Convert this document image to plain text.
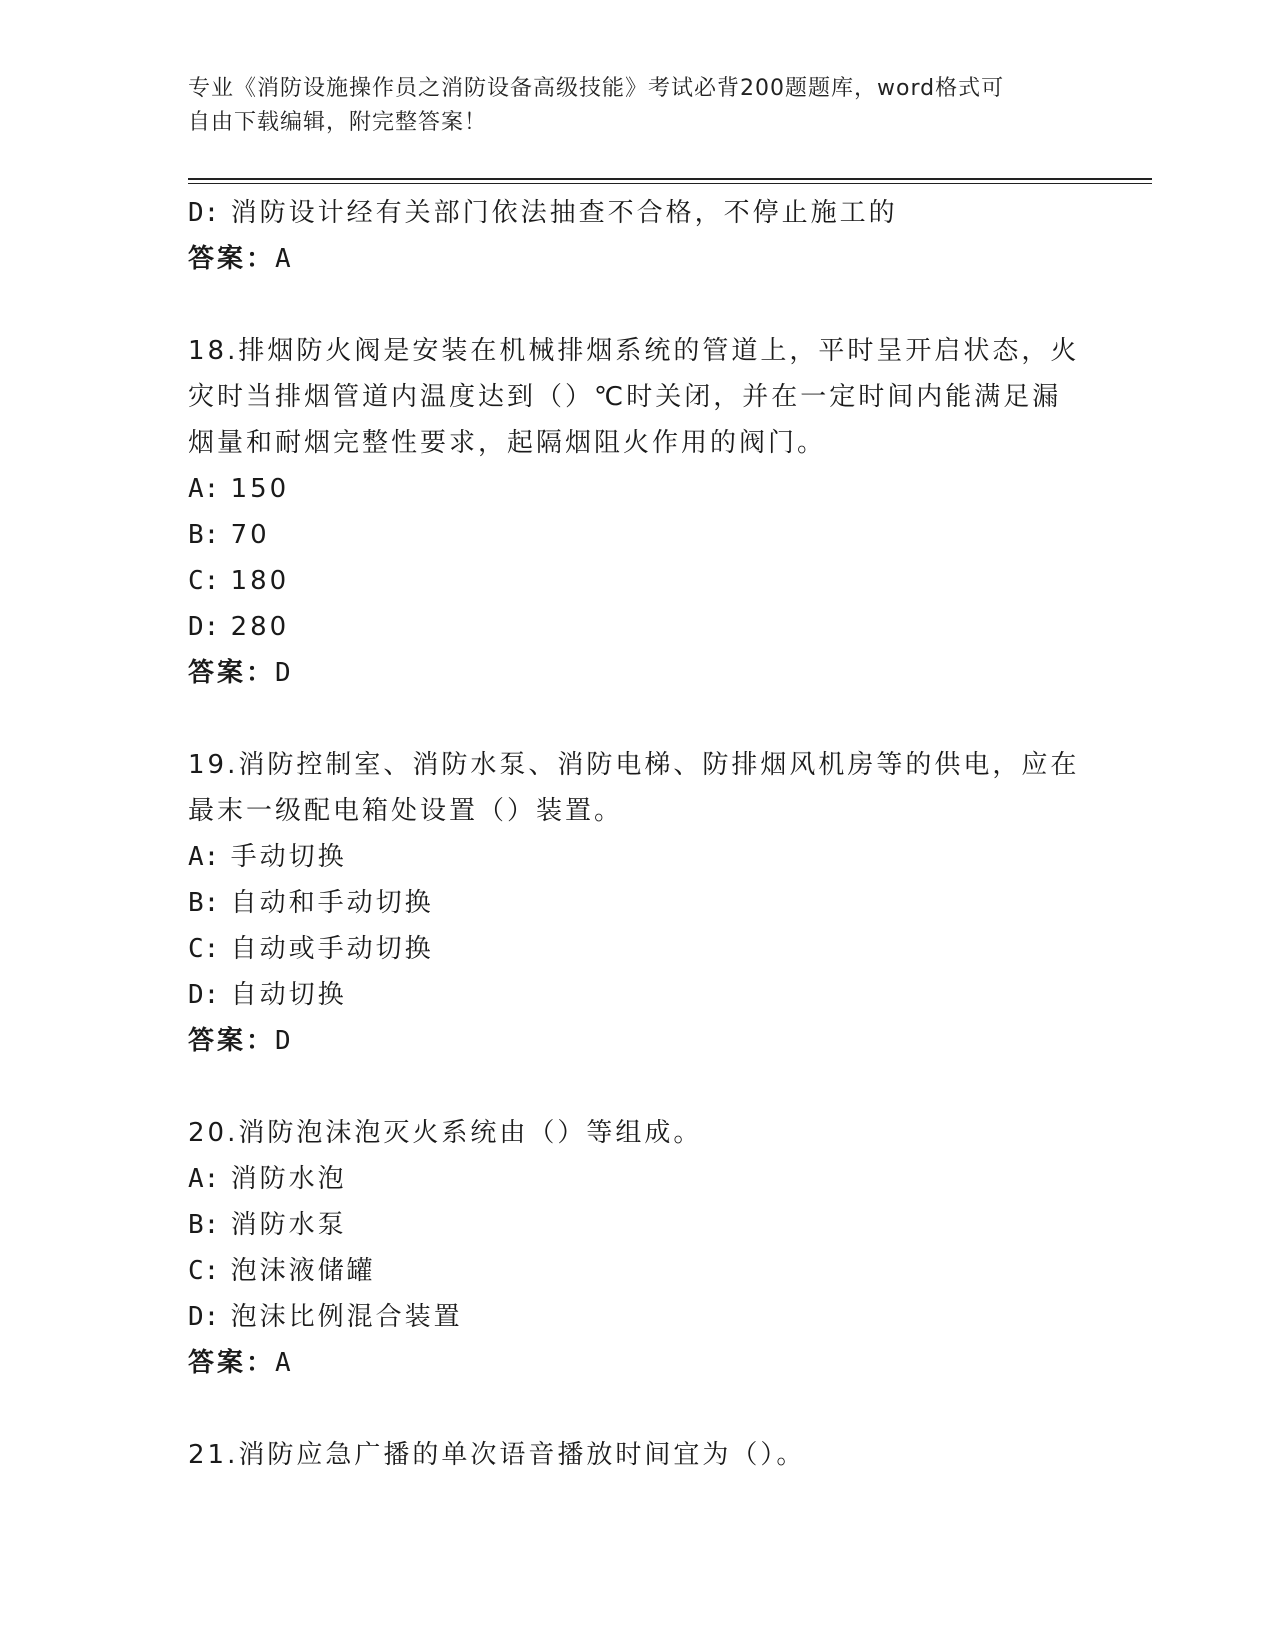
专业《消防设施操作员之消防设备高级技能》考试必背200题题库，word格式可
自由下载编辑，附完整答案！
D: 消防设计经有关部门依法抽查不合格，不停止施工的
答案：A
18.排烟防火阀是安装在机械排烟系统的管道上，平时呈开启状态，火
灾时当排烟管道内温度达到（）℃时关闭，并在一定时间内能满足漏
烟量和耐烟完整性要求，起隔烟阻火作用的阀门。
A: 150
B: 70
C: 180
D: 280
答案：D
19.消防控制室、消防水泵、消防电梯、防排烟风机房等的供电，应在
最末一级配电箱处设置（）装置。
A: 手动切换
B: 自动和手动切换
C: 自动或手动切换
D: 自动切换
答案：D
20.消防泡沫泡灭火系统由（）等组成。
A: 消防水泡
B: 消防水泵
C: 泡沫液储罐
D: 泡沫比例混合装置
答案：A
21.消防应急广播的单次语音播放时间宜为（）。
